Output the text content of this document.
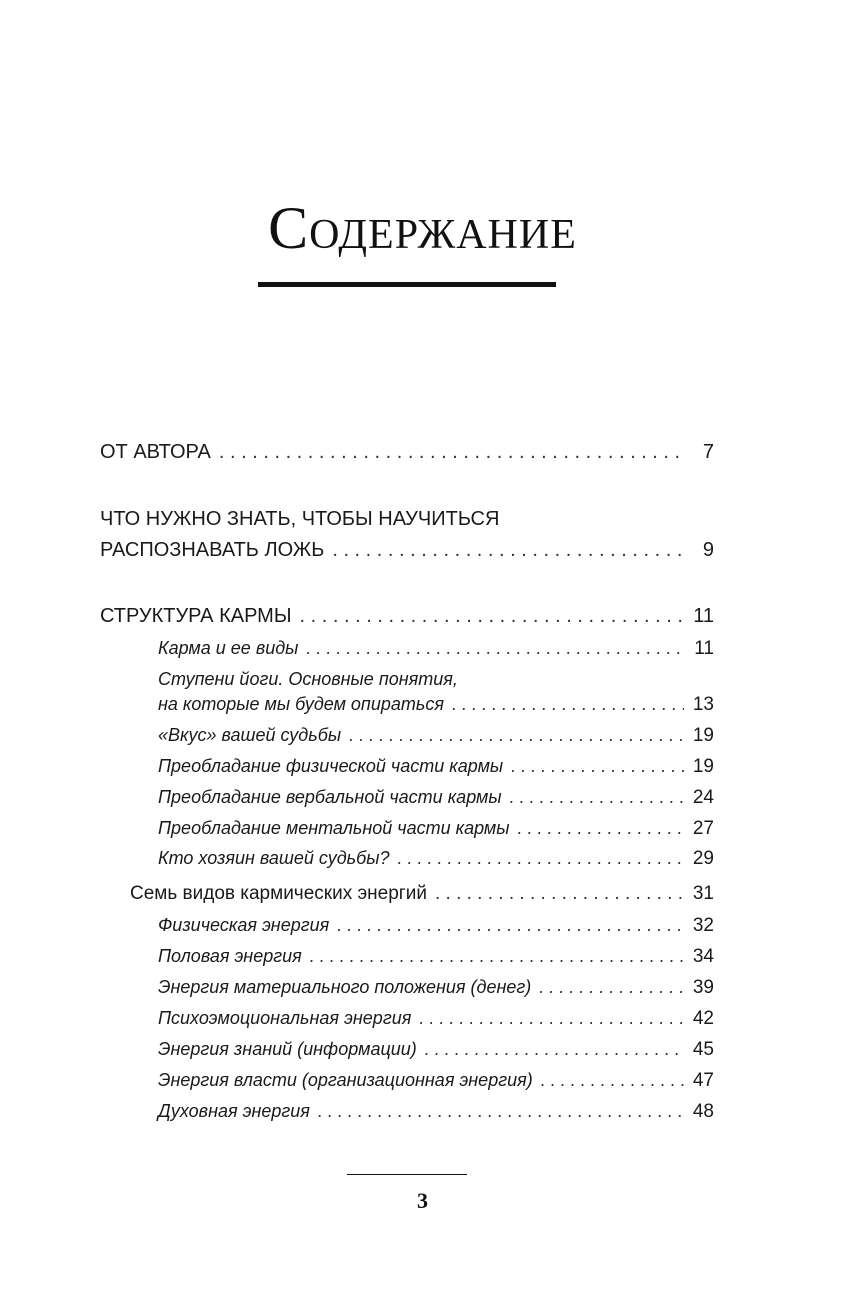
Содержание
ОТ АВТОРА . . .	7
ЧТО НУЖНО ЗНАТЬ, ЧТОБЫ НАУЧИТЬСЯ
РАСПОЗНАВАТЬ ЛОЖЬ . . .	9
СТРУКТУРА КАРМЫ . . .	11
Карма и ее виды . . .	11
Ступени йоги. Основные понятия,
на которые мы будем опираться . . .	13
«Вкус» вашей судьбы . . .	19
Преобладание физической части кармы . . .	19
Преобладание вербальной части кармы . . .	24
Преобладание ментальной части кармы . . .	27
Кто хозяин вашей судьбы? . . .	29
Семь видов кармических энергий . . .	31
Физическая энергия . . .	32
Половая энергия . . .	34
Энергия материального положения (денег) . . .	39
Психоэмоциональная энергия . . .	42
Энергия знаний (информации) . . .	45
Энергия власти (организационная энергия) . . .	47
Духовная энергия . . .	48
3
